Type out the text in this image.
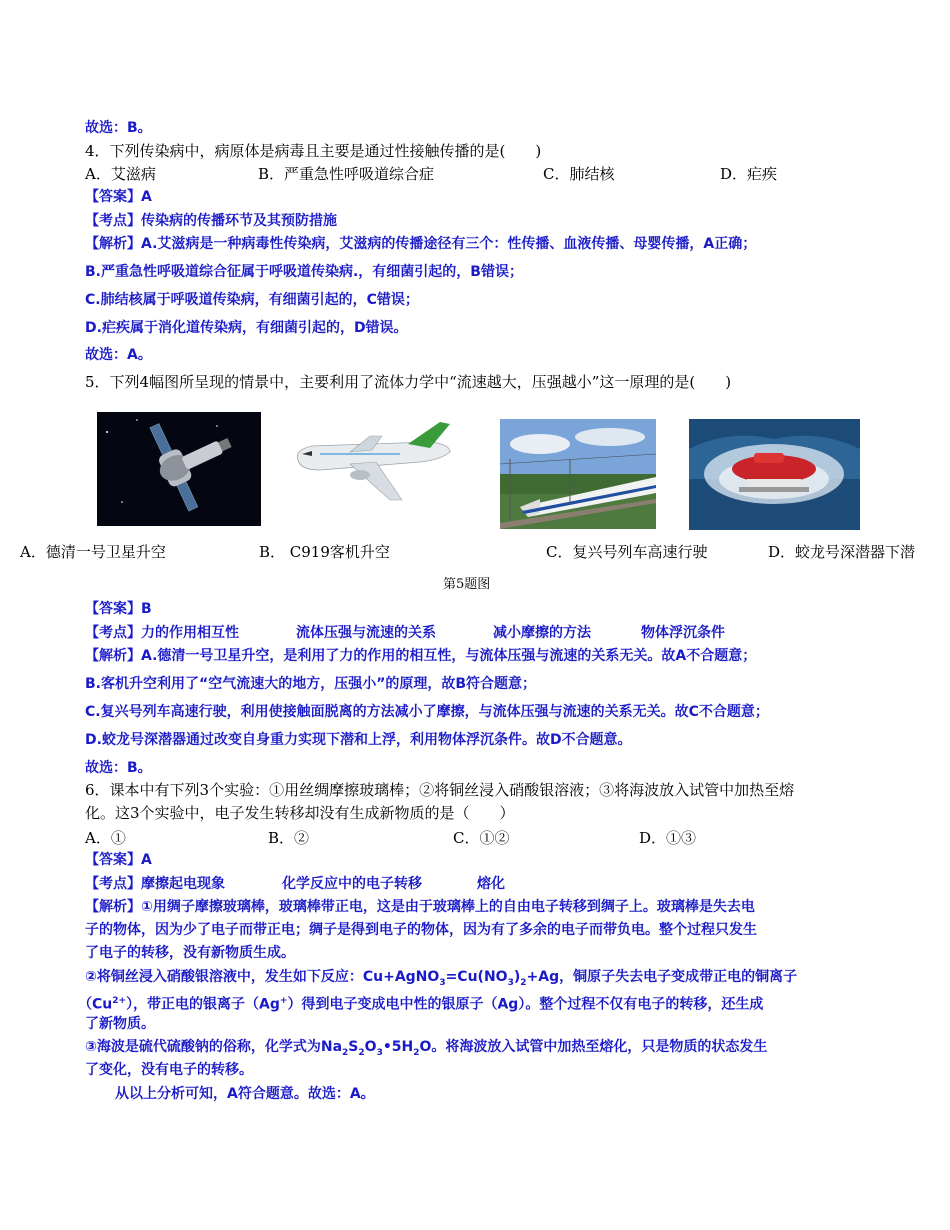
故选：B。
4．下列传染病中，病原体是病毒且主要是通过性接触传播的是(　　)
A．艾滋病	B．严重急性呼吸道综合症	C．肺结核	D．疟疾
【答案】A
【考点】传染病的传播环节及其预防措施
【解析】A.艾滋病是一种病毒性传染病，艾滋病的传播途径有三个：性传播、血液传播、母婴传播，A正确；
B.严重急性呼吸道综合征属于呼吸道传染病.，有细菌引起的，B错误；
C.肺结核属于呼吸道传染病，有细菌引起的，C错误；
D.疟疾属于消化道传染病，有细菌引起的，D错误。
故选：A。
5．下列4幅图所呈现的情景中，主要利用了流体力学中“流速越大，压强越小”这一原理的是(　　)
A．德清一号卫星升空	B． C919客机升空	C．复兴号列车高速行驶	D．蛟龙号深潜器下潜
第5题图
【答案】B
【考点】力的作用相互性	流体压强与流速的关系	减小摩擦的方法	物体浮沉条件
【解析】A.德清一号卫星升空，是利用了力的作用的相互性，与流体压强与流速的关系无关。故A不合题意；
B.客机升空利用了“空气流速大的地方，压强小”的原理，故B符合题意；
C.复兴号列车高速行驶，利用使接触面脱离的方法减小了摩擦，与流体压强与流速的关系无关。故C不合题意；
D.蛟龙号深潜器通过改变自身重力实现下潜和上浮，利用物体浮沉条件。故D不合题意。
故选：B。
6．课本中有下列3个实验：①用丝绸摩擦玻璃棒；②将铜丝浸入硝酸银溶液；③将海波放入试管中加热至熔
化。这3个实验中，电子发生转移却没有生成新物质的是（　　）
A．①	B．②	C．①②	D．①③
【答案】A
【考点】摩擦起电现象	化学反应中的电子转移	熔化
【解析】①用绸子摩擦玻璃棒，玻璃棒带正电，这是由于玻璃棒上的自由电子转移到绸子上。玻璃棒是失去电
子的物体，因为少了电子而带正电；绸子是得到电子的物体，因为有了多余的电子而带负电。整个过程只发生
了电子的转移，没有新物质生成。
②将铜丝浸入硝酸银溶液中，发生如下反应：$Cu+AgNO_3=Cu(NO_3)_2+Ag$，铜原子失去电子变成带正电的铜离子
$(Cu^{2+})$，带正电的银离子（Ag+）得到电子变成电中性的银原子（Ag）。整个过程不仅有电子的转移，还生成
了新物质。
③海波是硫代硫酸钠的俗称，化学式为$Na_2S_2O_3•5H_2O$。将海波放入试管中加热至熔化，只是物质的状态发生
了变化，没有电子的转移。
从以上分析可知，A符合题意。故选：A。
